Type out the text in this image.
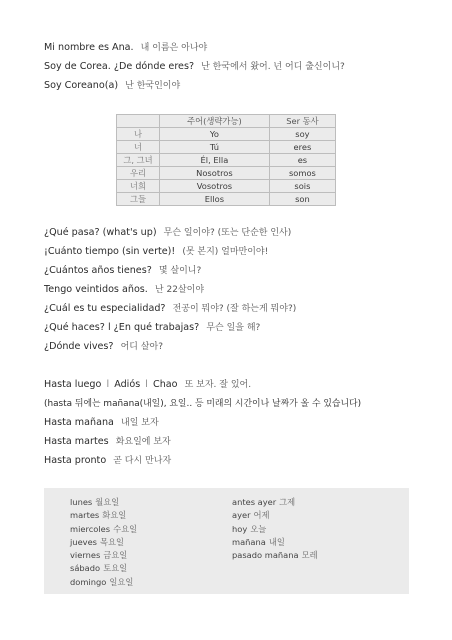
Mi nombre es Ana. 내 이름은 아나야
Soy de Corea. ¿De dónde eres? 난 한국에서 왔어. 넌 어디 출신이니?
Soy Coreano(a) 난 한국인이야
	주어(생략가능)	Ser 동사
나	Yo	soy
너	Tú	eres
그, 그녀	Él, Ella	es
우리	Nosotros	somos
너희	Vosotros	sois
그들	Ellos	son
¿Qué pasa? (what's up) 무슨 일이야? (또는 단순한 인사)
¡Cuánto tiempo (sin verte)! (못 본지) 얼마만이야!
¿Cuántos años tienes? 몇 살이니?
Tengo veintidos años. 난 22살이야
¿Cuál es tu especialidad? 전공이 뭐야? (잘 하는게 뭐야?)
¿Qué haces? l ¿En qué trabajas? 무슨 일을 해?
¿Dónde vives? 어디 살아?
Hasta luego l Adiós l Chao 또 보자. 잘 있어.
(hasta 뒤에는 mañana(내일), 요일.. 등 미래의 시간이나 날짜가 올 수 있습니다)
Hasta mañana 내일 보자
Hasta martes 화요일에 보자
Hasta pronto 곧 다시 만나자
lunes 월요일
martes 화요일
miercoles 수요일
jueves 목요일
viernes 금요일
sábado 토요일
domingo 일요일
antes ayer 그제
ayer 어제
hoy 오늘
mañana 내일
pasado mañana 모레
